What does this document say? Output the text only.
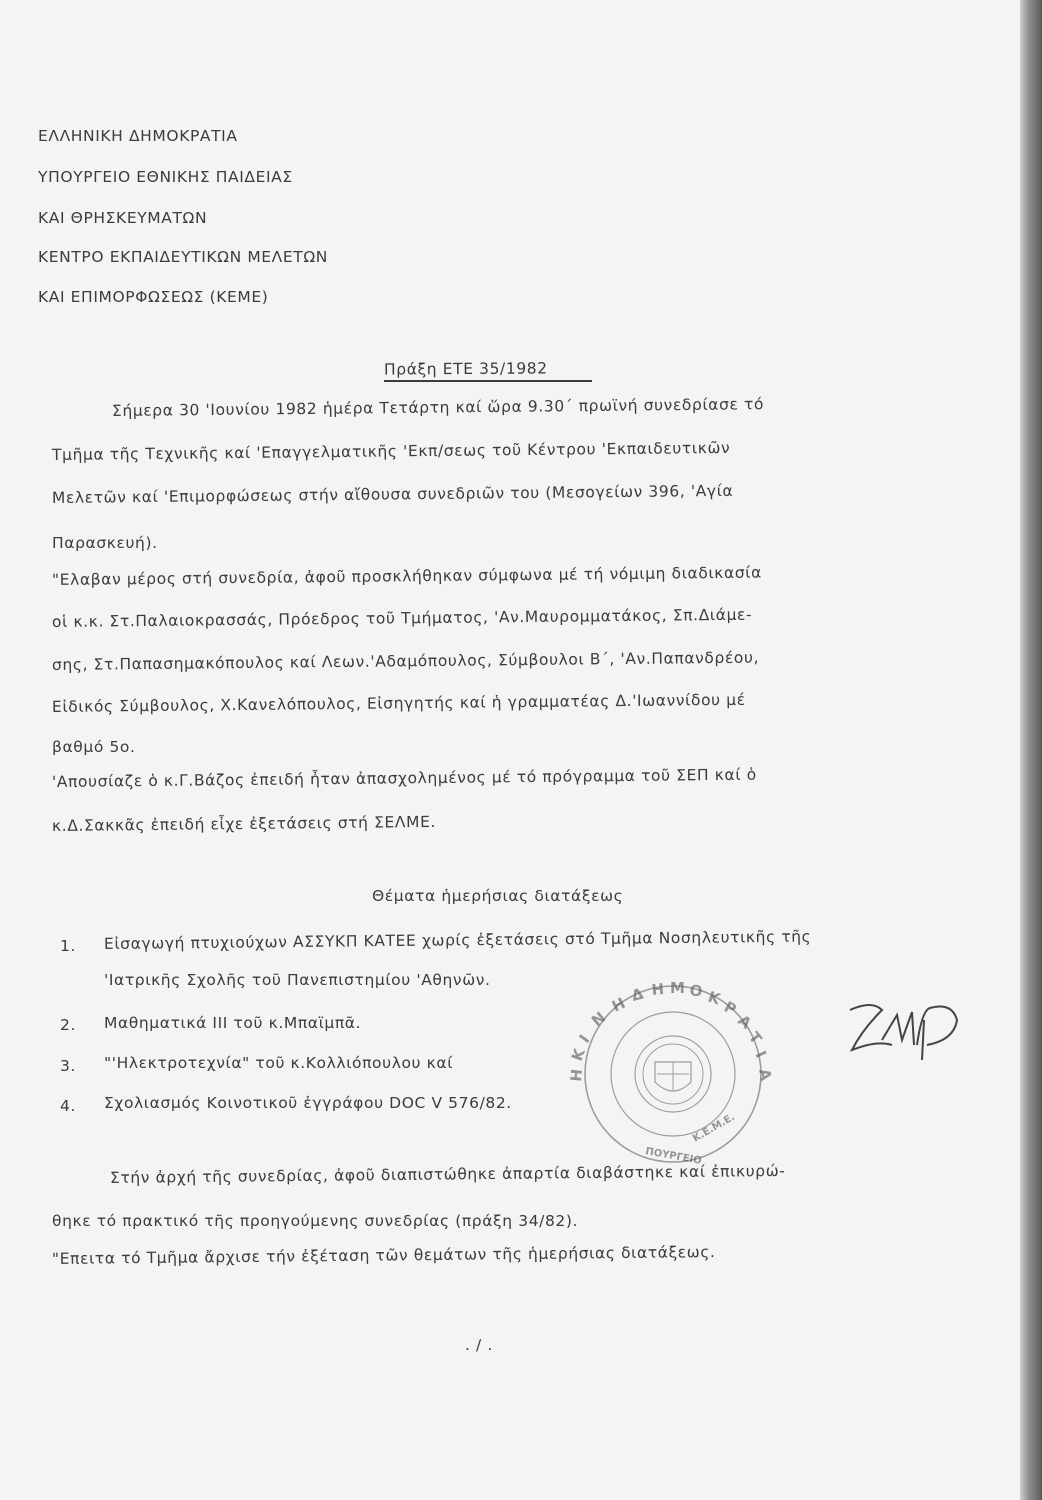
ΕΛΛΗΝΙΚΗ ΔΗΜΟΚΡΑΤΙΑ
ΥΠΟΥΡΓΕΙΟ ΕΘΝΙΚΗΣ ΠΑΙΔΕΙΑΣ
ΚΑΙ ΘΡΗΣΚΕΥΜΑΤΩΝ
ΚΕΝΤΡΟ ΕΚΠΑΙΔΕΥΤΙΚΩΝ ΜΕΛΕΤΩΝ
ΚΑΙ ΕΠΙΜΟΡΦΩΣΕΩΣ (ΚΕΜΕ)
Πράξη ΕΤΕ 35/1982
Σήμερα 30 'Ιουνίου 1982 ἡμέρα Τετάρτη καί ὥρα 9.30΄ πρωϊνή συνεδρίασε τό
Τμῆμα τῆς Τεχνικῆς καί 'Επαγγελματικῆς 'Εκπ/σεως τοῦ Κέντρου 'Εκπαιδευτικῶν
Μελετῶν καί 'Επιμορφώσεως στήν αἴθουσα συνεδριῶν του (Μεσογείων 396, 'Αγία
Παρασκευή).
"Ελαβαν μέρος στή συνεδρία, ἀφοῦ προσκλήθηκαν σύμφωνα μέ τή νόμιμη διαδικασία
οἱ κ.κ. Στ.Παλαιοκρασσάς, Πρόεδρος τοῦ Τμήματος, 'Αν.Μαυρομματάκος, Σπ.Διάμε-
σης, Στ.Παπασημακόπουλος καί Λεων.'Αδαμόπουλος, Σύμβουλοι Β΄, 'Αν.Παπανδρέου,
Εἰδικός Σύμβουλος, Χ.Κανελόπουλος, Εἰσηγητής καί ἡ γραμματέας Δ.'Ιωαννίδου μέ
βαθμό 5ο.
'Απουσίαζε ὁ κ.Γ.Βάζος ἐπειδή ἦταν ἀπασχολημένος μέ τό πρόγραμμα τοῦ ΣΕΠ καί ὁ
κ.Δ.Σακκᾶς ἐπειδή εἶχε ἐξετάσεις στή ΣΕΛΜΕ.
Θέματα ἡμερήσιας διατάξεως
1. Εἰσαγωγή πτυχιούχων ΑΣΣΥΚΠ ΚΑΤΕΕ χωρίς ἐξετάσεις στό Τμῆμα Νοσηλευτικῆς τῆς
'Ιατρικῆς Σχολῆς τοῦ Πανεπιστημίου 'Αθηνῶν.
2. Μαθηματικά ΙΙΙ τοῦ κ.Μπαϊμπᾶ.
3. "'Ηλεκτροτεχνία" τοῦ κ.Κολλιόπουλου καί
4. Σχολιασμός Κοινοτικοῦ ἐγγράφου DOC V 576/82.
Στήν ἀρχή τῆς συνεδρίας, ἀφοῦ διαπιστώθηκε ἀπαρτία διαβάστηκε καί ἐπικυρώ-
θηκε τό πρακτικό τῆς προηγούμενης συνεδρίας (πράξη 34/82).
"Επειτα τό Τμῆμα ἄρχισε τήν ἐξέταση τῶν θεμάτων τῆς ἡμερήσιας διατάξεως.
. / .
Η Δ Η Μ Ο Κ
Ρ
Α
Τ
Ι
Α
Ν
Ι
Κ
Η
ΠΟΥΡΓΕΙΟ
Κ.Ε.Μ.Ε.
